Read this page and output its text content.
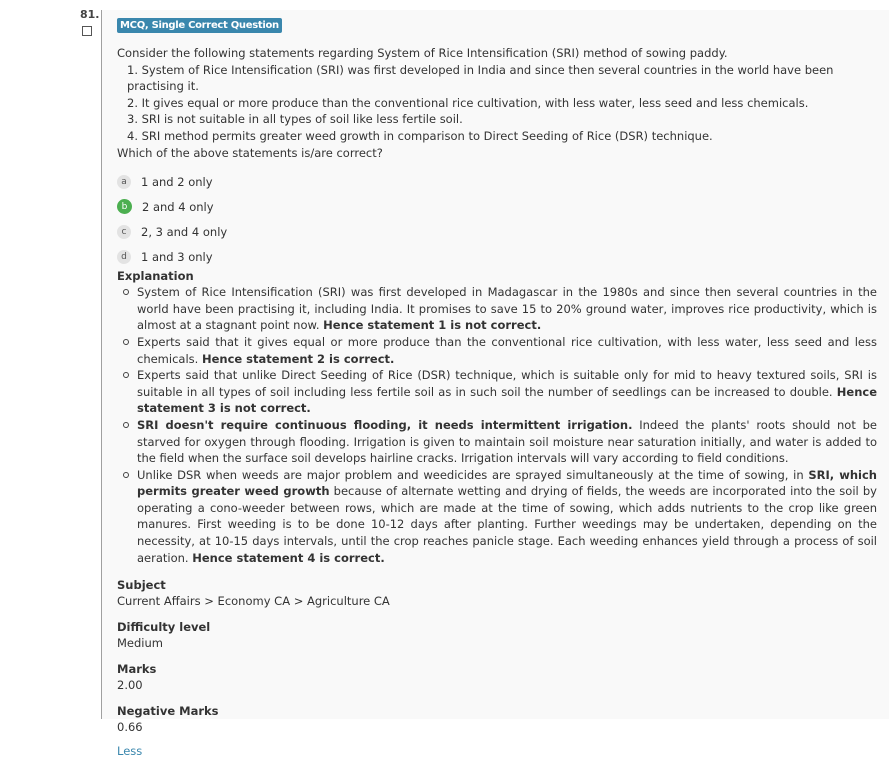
81.
MCQ, Single Correct Question
Consider the following statements regarding System of Rice Intensification (SRI) method of sowing paddy.
1. System of Rice Intensification (SRI) was first developed in India and since then several countries in the world have been practising it.
2. It gives equal or more produce than the conventional rice cultivation, with less water, less seed and less chemicals.
3. SRI is not suitable in all types of soil like less fertile soil.
4. SRI method permits greater weed growth in comparison to Direct Seeding of Rice (DSR) technique.
Which of the above statements is/are correct?
a	1 and 2 only
b	2 and 4 only
c	2, 3 and 4 only
d	1 and 3 only
Explanation
System of Rice Intensification (SRI) was first developed in Madagascar in the 1980s and since then several countries in the world have been practising it, including India. It promises to save 15 to 20% ground water, improves rice productivity, which is almost at a stagnant point now. Hence statement 1 is not correct.
Experts said that it gives equal or more produce than the conventional rice cultivation, with less water, less seed and less chemicals. Hence statement 2 is correct.
Experts said that unlike Direct Seeding of Rice (DSR) technique, which is suitable only for mid to heavy textured soils, SRI is suitable in all types of soil including less fertile soil as in such soil the number of seedlings can be increased to double. Hence statement 3 is not correct.
SRI doesn't require continuous flooding, it needs intermittent irrigation. Indeed the plants' roots should not be starved for oxygen through flooding. Irrigation is given to maintain soil moisture near saturation initially, and water is added to the field when the surface soil develops hairline cracks. Irrigation intervals will vary according to field conditions.
Unlike DSR when weeds are major problem and weedicides are sprayed simultaneously at the time of sowing, in SRI, which permits greater weed growth because of alternate wetting and drying of fields, the weeds are incorporated into the soil by operating a cono-weeder between rows, which are made at the time of sowing, which adds nutrients to the crop like green manures. First weeding is to be done 10-12 days after planting. Further weedings may be undertaken, depending on the necessity, at 10-15 days intervals, until the crop reaches panicle stage. Each weeding enhances yield through a process of soil aeration. Hence statement 4 is correct.
Subject
Current Affairs > Economy CA > Agriculture CA
Difficulty level
Medium
Marks
2.00
Negative Marks
0.66
Less
